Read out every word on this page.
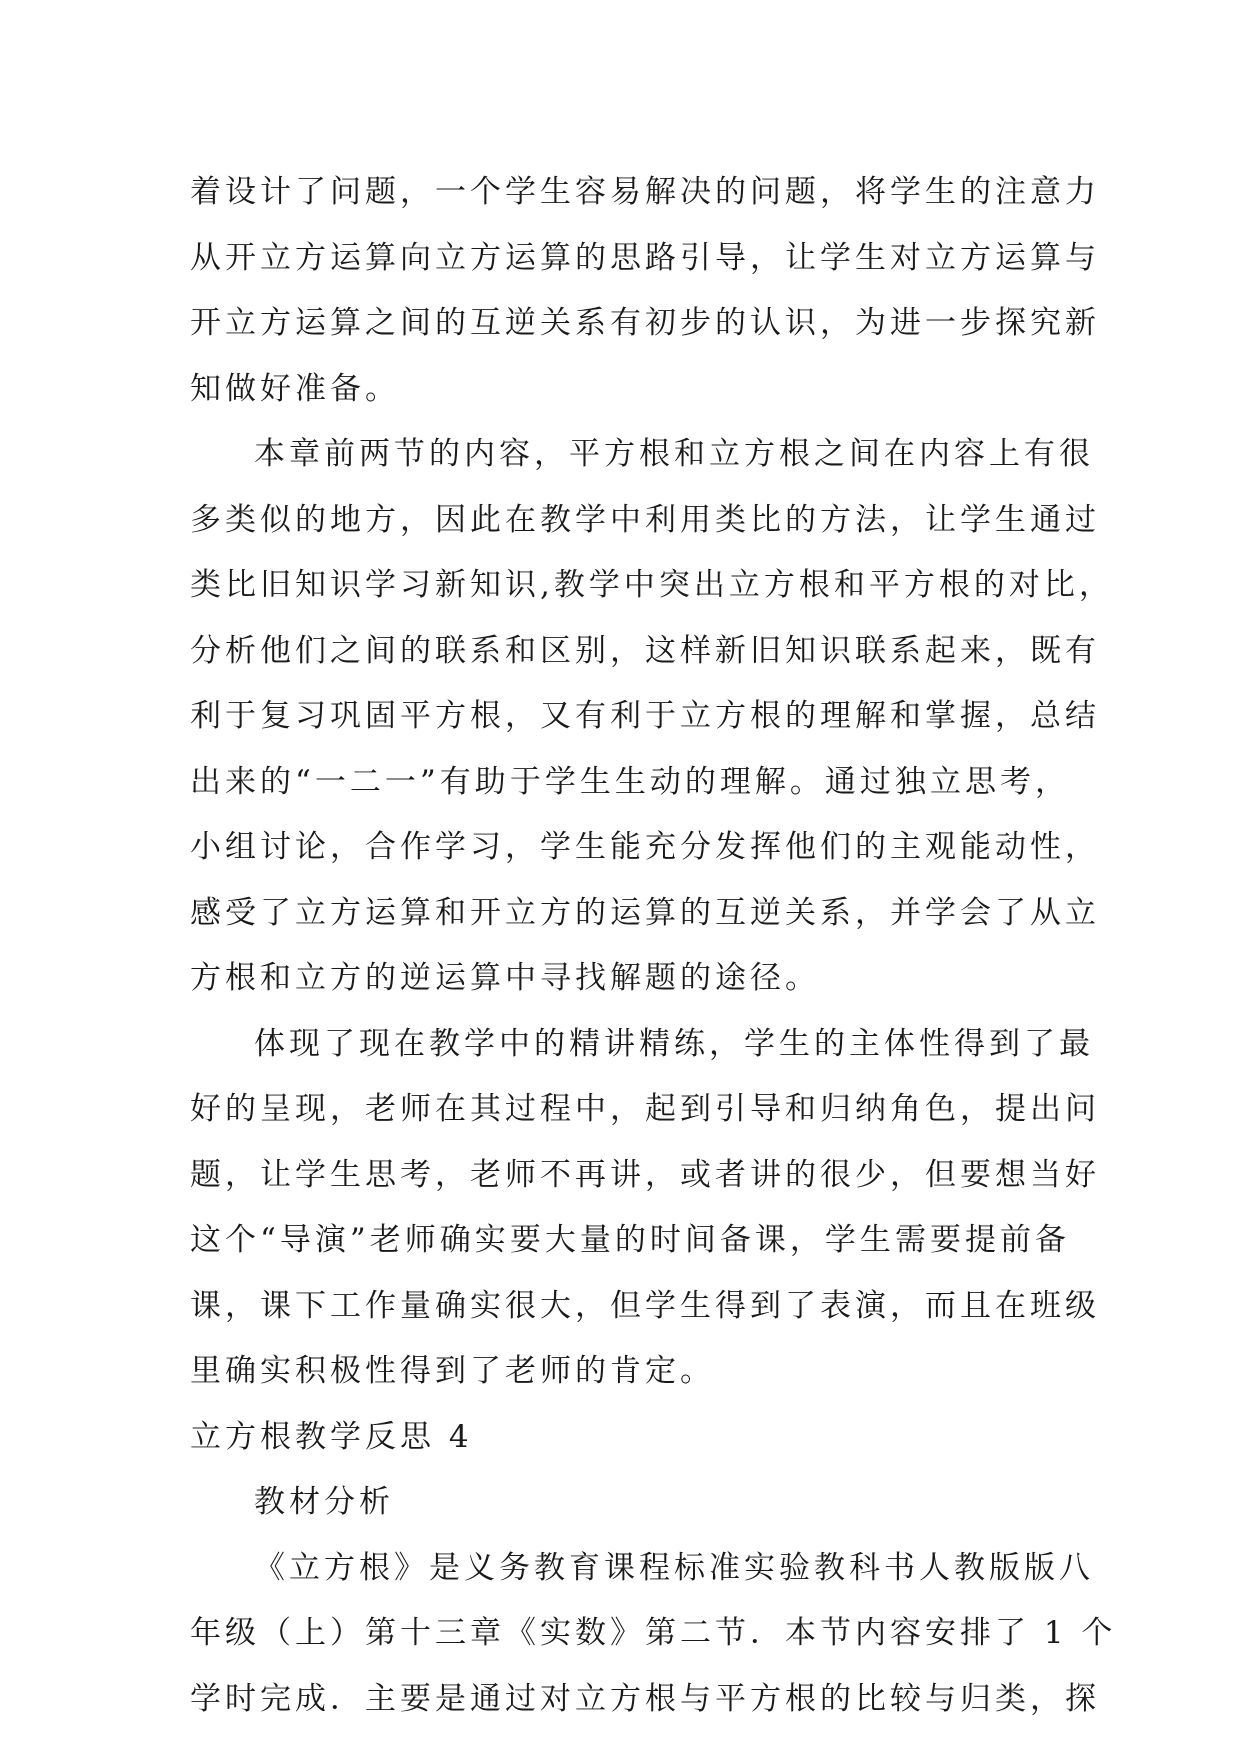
着设计了问题，一个学生容易解决的问题，将学生的注意力
从开立方运算向立方运算的思路引导，让学生对立方运算与
开立方运算之间的互逆关系有初步的认识，为进一步探究新
知做好准备。
本章前两节的内容，平方根和立方根之间在内容上有很
多类似的地方，因此在教学中利用类比的方法，让学生通过
类比旧知识学习新知识,教学中突出立方根和平方根的对比，
分析他们之间的联系和区别，这样新旧知识联系起来，既有
利于复习巩固平方根，又有利于立方根的理解和掌握，总结
出来的“一二一”有助于学生生动的理解。通过独立思考，
小组讨论，合作学习，学生能充分发挥他们的主观能动性，
感受了立方运算和开立方的运算的互逆关系，并学会了从立
方根和立方的逆运算中寻找解题的途径。
体现了现在教学中的精讲精练，学生的主体性得到了最
好的呈现，老师在其过程中，起到引导和归纳角色，提出问
题，让学生思考，老师不再讲，或者讲的很少，但要想当好
这个“导演”老师确实要大量的时间备课，学生需要提前备
课，课下工作量确实很大，但学生得到了表演，而且在班级
里确实积极性得到了老师的肯定。
立方根教学反思 4
教材分析
《立方根》是义务教育课程标准实验教科书人教版版八
年级（上）第十三章《实数》第二节．本节内容安排了 1 个
学时完成．主要是通过对立方根与平方根的比较与归类，探
